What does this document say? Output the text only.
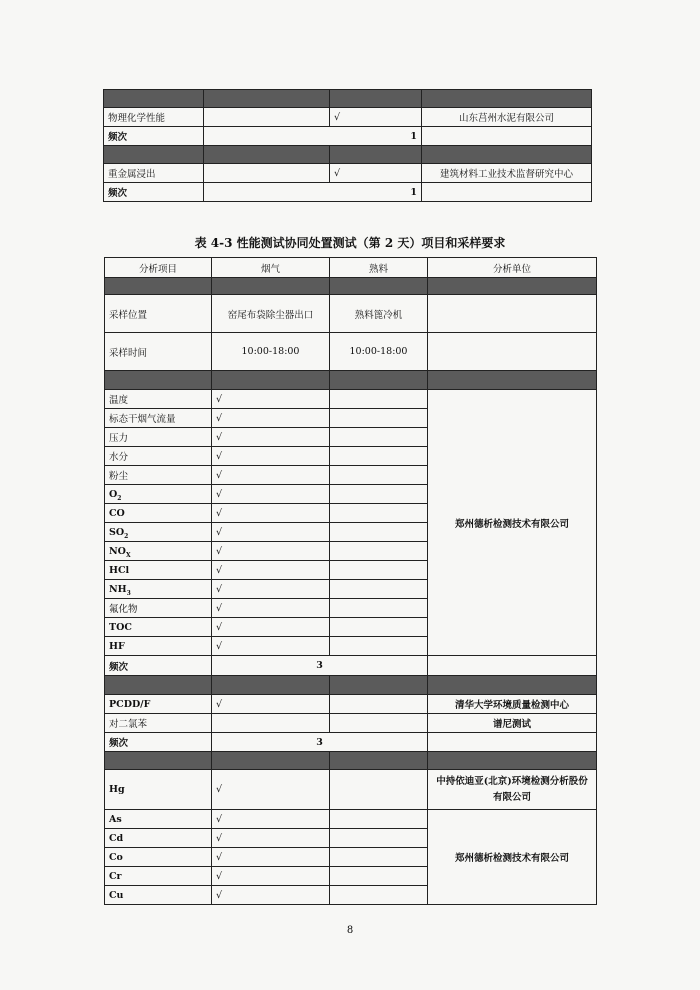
物理化学性能		√	山东莒州水泥有限公司
频次	1		

重金属浸出		√	建筑材料工业技术监督研究中心
频次	1		
表 4-3 性能测试协同处置测试（第 2 天）项目和采样要求
分析项目	烟气	熟料	分析单位

采样位置	窑尾布袋除尘器出口	熟料篦冷机	
采样时间	10:00-18:00	10:00-18:00	

温度	√		郑州德析检测技术有限公司
标态干烟气流量	√		
压力	√		
水分	√		
粉尘	√		
$O_2$	√		
CO	√		
$SO_2$	√		
$NO_X$	√		
HCl	√		
$NH_3$	√		
氟化物	√		
TOC	√		
HF	√		
频次	3		

PCDD/F	√		清华大学环境质量检测中心
对二氯苯			谱尼测试
频次	3		

Hg	√		中持依迪亚(北京)环境检测分析股份有限公司
As	√		郑州德析检测技术有限公司
Cd	√		
Co	√		
Cr	√		
Cu	√		
8
